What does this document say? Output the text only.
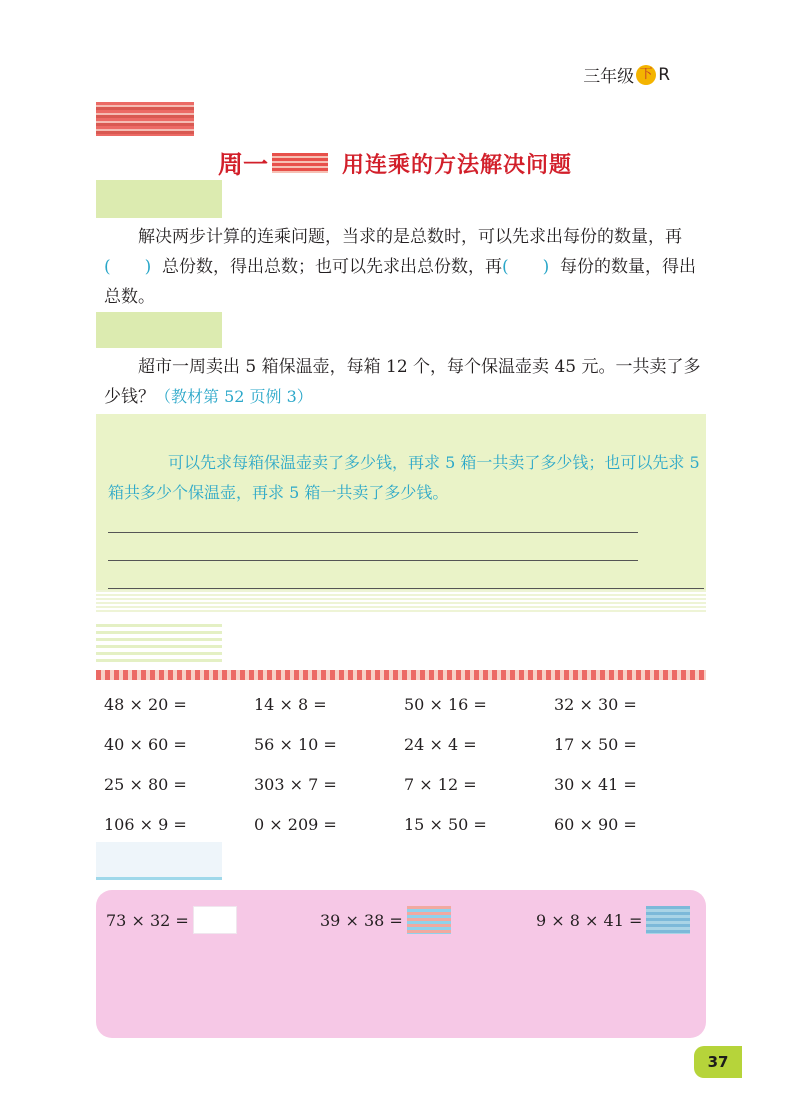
三年级 下 R
周一	用连乘的方法解决问题
解决两步计算的连乘问题，当求的是总数时，可以先求出每份的数量，再(　　) 总份数，得出总数；也可以先求出总份数，再(　　) 每份的数量，得出总数。
超市一周卖出 5 箱保温壶，每箱 12 个，每个保温壶卖 45 元。一共卖了多少钱？（教材第 52 页例 3）
可以先求每箱保温壶卖了多少钱，再求 5 箱一共卖了多少钱；也可以先求 5 箱共多少个保温壶，再求 5 箱一共卖了多少钱。
48 × 20 =	14 × 8 =	50 × 16 =	32 × 30 =
40 × 60 =	56 × 10 =	24 × 4 =	17 × 50 =
25 × 80 =	303 × 7 =	7 × 12 =	30 × 41 =
106 × 9 =	0 × 209 =	15 × 50 =	60 × 90 =
73 × 32 =	39 × 38 =	9 × 8 × 41 =
37
